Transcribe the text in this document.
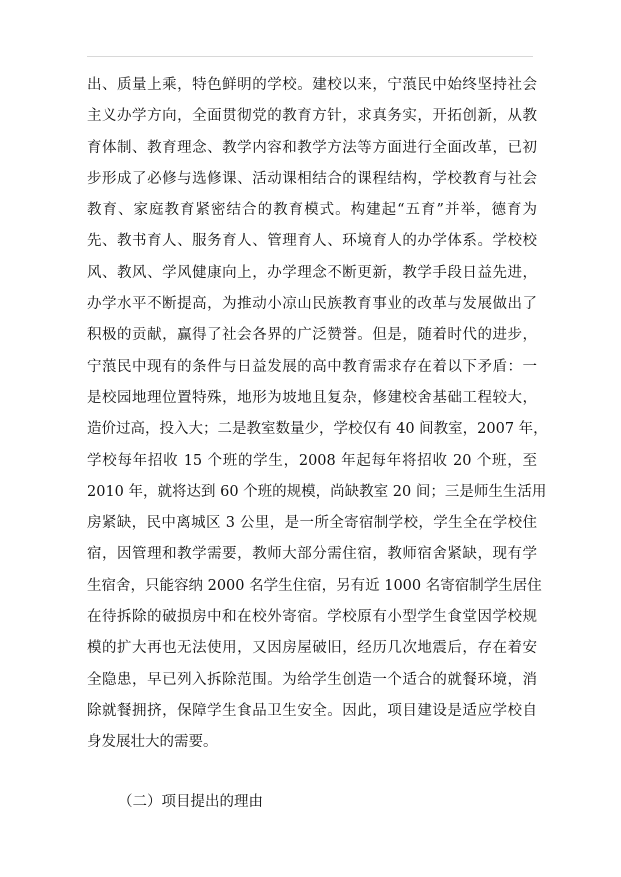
出、质量上乘，特色鲜明的学校。建校以来，宁蒗民中始终坚持社会
主义办学方向，全面贯彻党的教育方针，求真务实，开拓创新，从教
育体制、教育理念、教学内容和教学方法等方面进行全面改革，已初
步形成了必修与选修课、活动课相结合的课程结构，学校教育与社会
教育、家庭教育紧密结合的教育模式。构建起“五育”并举，德育为
先、教书育人、服务育人、管理育人、环境育人的办学体系。学校校
风、教风、学风健康向上，办学理念不断更新，教学手段日益先进，
办学水平不断提高，为推动小凉山民族教育事业的改革与发展做出了
积极的贡献，赢得了社会各界的广泛赞誉。但是，随着时代的进步，
宁蒗民中现有的条件与日益发展的高中教育需求存在着以下矛盾：一
是校园地理位置特殊，地形为坡地且复杂，修建校舍基础工程较大，
造价过高，投入大；二是教室数量少，学校仅有 40 间教室，2007 年，
学校每年招收 15 个班的学生，2008 年起每年将招收 20 个班，至
2010 年，就将达到 60 个班的规模，尚缺教室 20 间；三是师生生活用
房紧缺，民中离城区 3 公里，是一所全寄宿制学校，学生全在学校住
宿，因管理和教学需要，教师大部分需住宿，教师宿舍紧缺，现有学
生宿舍，只能容纳 2000 名学生住宿，另有近 1000 名寄宿制学生居住
在待拆除的破损房中和在校外寄宿。学校原有小型学生食堂因学校规
模的扩大再也无法使用，又因房屋破旧，经历几次地震后，存在着安
全隐患，早已列入拆除范围。为给学生创造一个适合的就餐环境，消
除就餐拥挤，保障学生食品卫生安全。因此，项目建设是适应学校自
身发展壮大的需要。
（二）项目提出的理由
